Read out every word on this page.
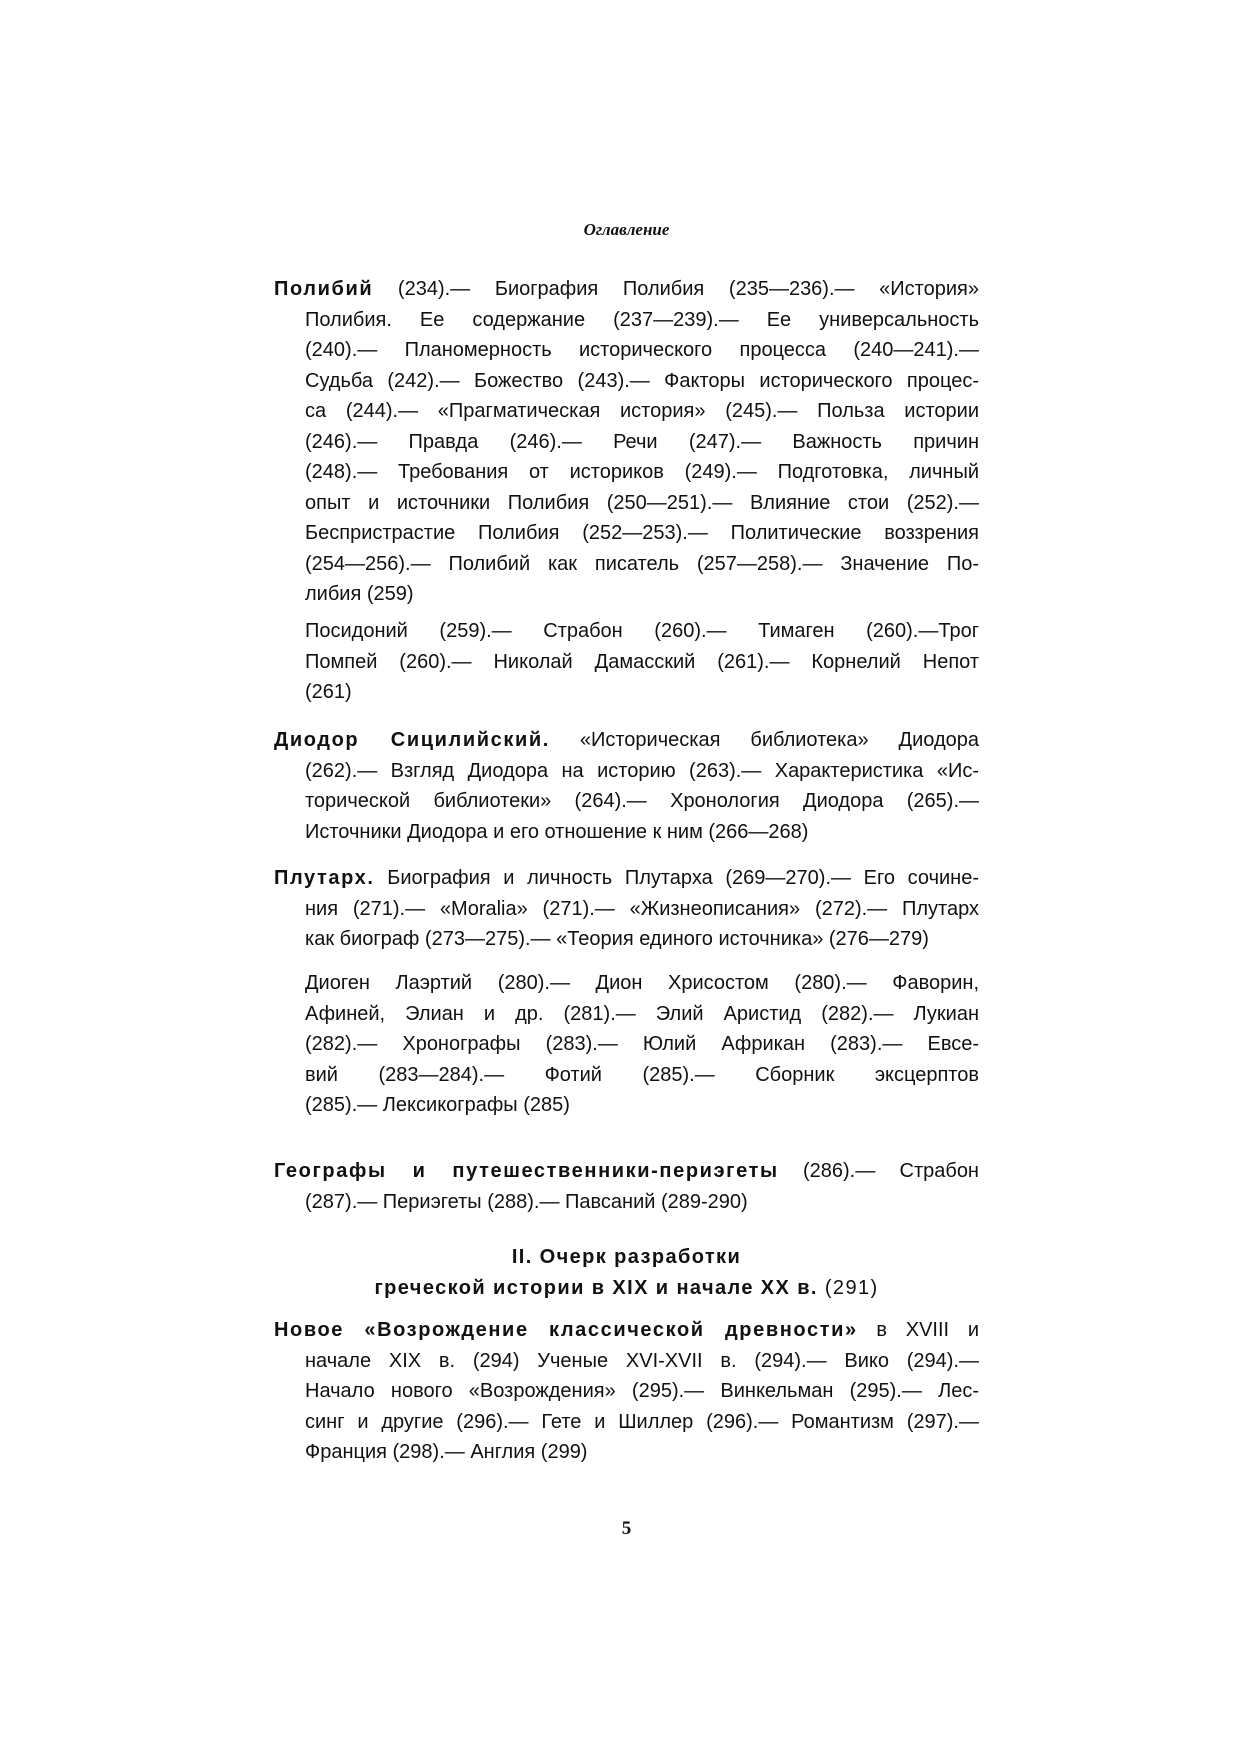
Оглавление
Полибий (234).— Биография Полибия (235—236).— «История»
Полибия. Ее содержание (237—239).— Ее универсальность
(240).— Планомерность исторического процесса (240—241).—
Судьба (242).— Божество (243).— Факторы исторического процес-
са (244).— «Прагматическая история» (245).— Польза истории
(246).— Правда (246).— Речи (247).— Важность причин
(248).— Требования от историков (249).— Подготовка, личный
опыт и источники Полибия (250—251).— Влияние стои (252).—
Беспристрастие Полибия (252—253).— Политические воззрения
(254—256).— Полибий как писатель (257—258).— Значение По-
либия (259)
Посидоний (259).— Страбон (260).— Тимаген (260).—Трог
Помпей (260).— Николай Дамасский (261).— Корнелий Непот
(261)
Диодор Сицилийский. «Историческая библиотека» Диодора
(262).— Взгляд Диодора на историю (263).— Характеристика «Ис-
торической библиотеки» (264).— Хронология Диодора (265).—
Источники Диодора и его отношение к ним (266—268)
Плутарх. Биография и личность Плутарха (269—270).— Его сочине-
ния (271).— «Moralia» (271).— «Жизнеописания» (272).— Плутарх
как биограф (273—275).— «Теория единого источника» (276—279)
Диоген Лаэртий (280).— Дион Хрисостом (280).— Фаворин,
Афиней, Элиан и др. (281).— Элий Аристид (282).— Лукиан
(282).— Хронографы (283).— Юлий Африкан (283).— Евсе-
вий (283—284).— Фотий (285).— Сборник эксцерптов
(285).— Лексикографы (285)
Географы и путешественники-периэгеты (286).— Страбон
(287).— Периэгеты (288).— Павсаний (289-290)
Новое «Возрождение классической древности» в XVIII и
начале XIX в. (294) Ученые XVI-XVII в. (294).— Вико (294).—
Начало нового «Возрождения» (295).— Винкельман (295).— Лес-
синг и другие (296).— Гете и Шиллер (296).— Романтизм (297).—
Франция (298).— Англия (299)
II. Очерк разработки
греческой истории в XIX и начале XX в. (291)
5
